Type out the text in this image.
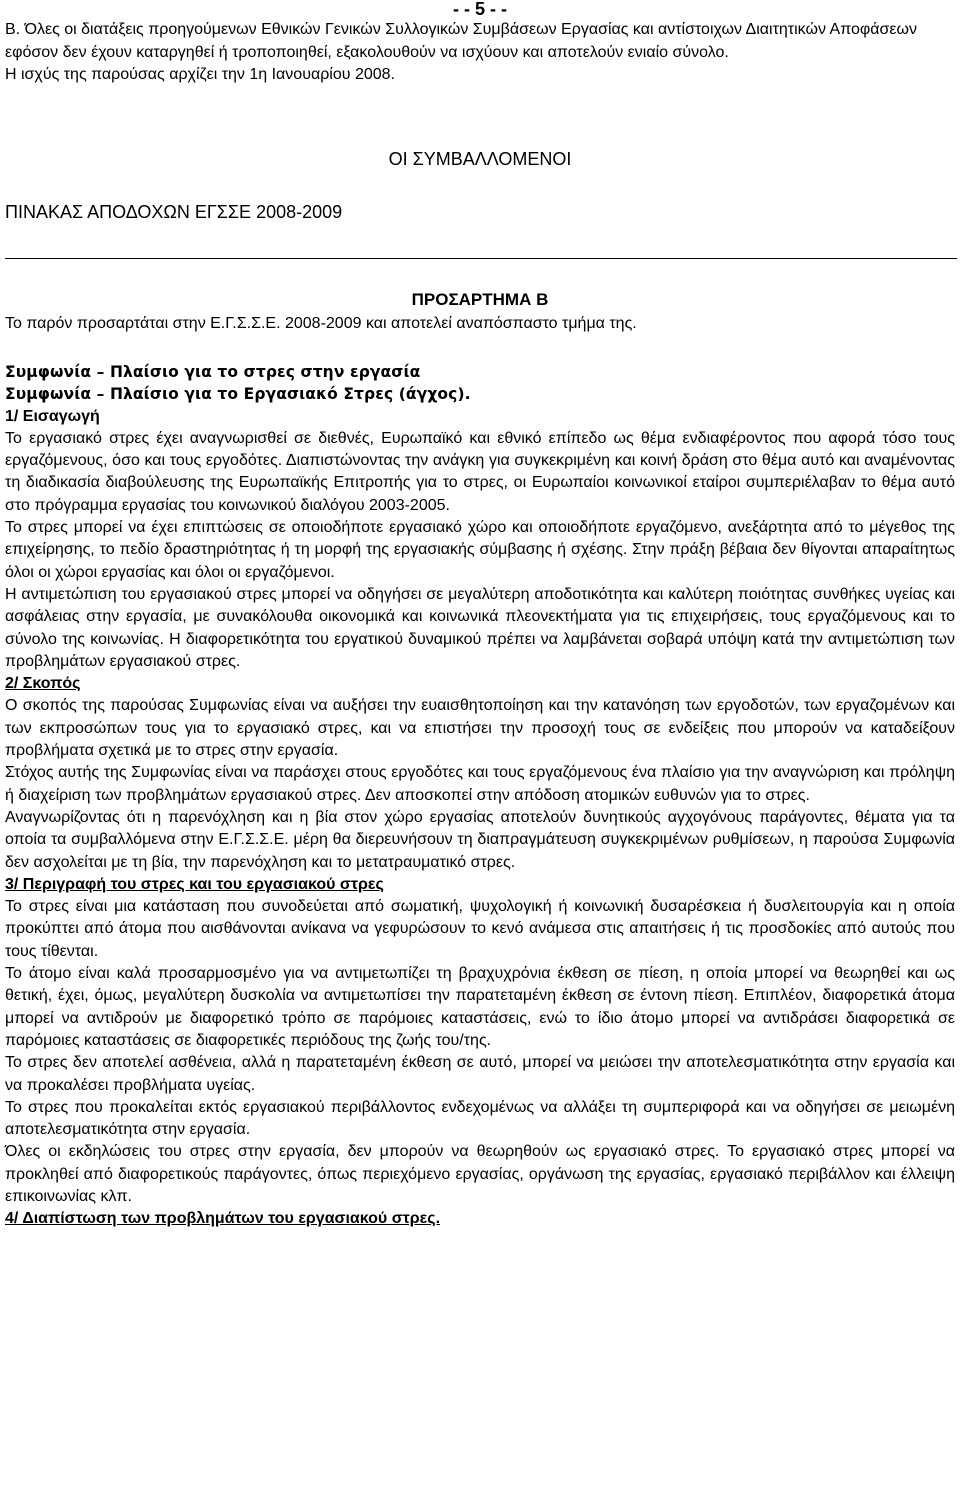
- - 5 - -

Β. Όλες οι διατάξεις προηγούμενων Εθνικών Γενικών Συλλογικών Συμβάσεων Εργασίας και αντίστοιχων Διαιτητικών Αποφάσεων εφόσον δεν έχουν καταργηθεί ή τροποποιηθεί, εξακολουθούν να ισχύουν και αποτελούν ενιαίο σύνολο.

Η ισχύς της παρούσας αρχίζει την 1η Ιανουαρίου 2008.

ΟΙ ΣΥΜΒΑΛΛΟΜΕΝΟΙ
ΠΙΝΑΚΑΣ ΑΠΟΔΟΧΩΝ ΕΓΣΣΕ 2008-2009
ΠΡΟΣΑΡΤΗΜΑ Β
Το παρόν προσαρτάται στην Ε.Γ.Σ.Σ.Ε. 2008-2009 και αποτελεί αναπόσπαστο τμήμα της.

Συμφωνία – Πλαίσιο για το στρες στην εργασία

Συμφωνία – Πλαίσιο για το Εργασιακό Στρες (άγχος).

1/ Εισαγωγή

Το εργασιακό στρες έχει αναγνωρισθεί σε διεθνές, Ευρωπαϊκό και εθνικό επίπεδο ως θέμα ενδιαφέροντος που αφορά τόσο τους εργαζόμενους, όσο και τους εργοδότες. Διαπιστώνοντας την ανάγκη για συγκεκριμένη και κοινή δράση στο θέμα αυτό και αναμένοντας τη διαδικασία διαβούλευσης της Ευρωπαϊκής Επιτροπής για το στρες, οι Ευρωπαίοι κοινωνικοί εταίροι συμπεριέλαβαν το θέμα αυτό στο πρόγραμμα εργασίας του κοινωνικού διαλόγου 2003-2005.

Το στρες μπορεί να έχει επιπτώσεις σε οποιοδήποτε εργασιακό χώρο και οποιοδήποτε εργαζόμενο, ανεξάρτητα από το μέγεθος της επιχείρησης, το πεδίο δραστηριότητας ή τη μορφή της εργασιακής σύμβασης ή σχέσης. Στην πράξη βέβαια δεν θίγονται απαραίτητως όλοι οι χώροι εργασίας και όλοι οι εργαζόμενοι.

Η αντιμετώπιση του εργασιακού στρες μπορεί να οδηγήσει σε μεγαλύτερη αποδοτικότητα και καλύτερη ποιότητας συνθήκες υγείας και ασφάλειας στην εργασία, με συνακόλουθα οικονομικά και κοινωνικά πλεονεκτήματα για τις επιχειρήσεις, τους εργαζόμενους και το σύνολο της κοινωνίας. Η διαφορετικότητα του εργατικού δυναμικού πρέπει να λαμβάνεται σοβαρά υπόψη κατά την αντιμετώπιση των προβλημάτων εργασιακού στρες.

2/ Σκοπός

Ο σκοπός της παρούσας Συμφωνίας είναι να αυξήσει την ευαισθητοποίηση και την κατανόηση των εργοδοτών, των εργαζομένων και των εκπροσώπων τους για το εργασιακό στρες, και να επιστήσει την προσοχή τους σε ενδείξεις που μπορούν να καταδείξουν προβλήματα σχετικά με το στρες στην εργασία.

Στόχος αυτής της Συμφωνίας είναι να παράσχει στους εργοδότες και τους εργαζόμενους ένα πλαίσιο για την αναγνώριση και πρόληψη ή διαχείριση των προβλημάτων εργασιακού στρες. Δεν αποσκοπεί στην απόδοση ατομικών ευθυνών για το στρες.

Αναγνωρίζοντας ότι η παρενόχληση και η βία στον χώρο εργασίας αποτελούν δυνητικούς αγχογόνους παράγοντες, θέματα για τα οποία τα συμβαλλόμενα στην Ε.Γ.Σ.Σ.Ε. μέρη θα διερευνήσουν τη διαπραγμάτευση συγκεκριμένων ρυθμίσεων, η παρούσα Συμφωνία δεν ασχολείται με τη βία, την παρενόχληση και το μετατραυματικό στρες.

3/ Περιγραφή του στρες και του εργασιακού στρες

Το στρες είναι μια κατάσταση που συνοδεύεται από σωματική, ψυχολογική ή κοινωνική δυσαρέσκεια ή δυσλειτουργία και η οποία προκύπτει από άτομα που αισθάνονται ανίκανα να γεφυρώσουν το κενό ανάμεσα στις απαιτήσεις ή τις προσδοκίες από αυτούς που τους τίθενται.

Το άτομο είναι καλά προσαρμοσμένο για να αντιμετωπίζει τη βραχυχρόνια έκθεση σε πίεση, η οποία μπορεί να θεωρηθεί και ως θετική, έχει, όμως, μεγαλύτερη δυσκολία να αντιμετωπίσει την παρατεταμένη έκθεση σε έντονη πίεση. Επιπλέον, διαφορετικά άτομα μπορεί να αντιδρούν με διαφορετικό τρόπο σε παρόμοιες καταστάσεις, ενώ το ίδιο άτομο μπορεί να αντιδράσει διαφορετικά σε παρόμοιες καταστάσεις σε διαφορετικές περιόδους της ζωής του/της.

Το στρες δεν αποτελεί ασθένεια, αλλά η παρατεταμένη έκθεση σε αυτό, μπορεί να μειώσει την αποτελεσματικότητα στην εργασία και να προκαλέσει προβλήματα υγείας.

Το στρες που προκαλείται εκτός εργασιακού περιβάλλοντος ενδεχομένως να αλλάξει τη συμπεριφορά και να οδηγήσει σε μειωμένη αποτελεσματικότητα στην εργασία.

Όλες οι εκδηλώσεις του στρες στην εργασία, δεν μπορούν να θεωρηθούν ως εργασιακό στρες. Το εργασιακό στρες μπορεί να προκληθεί από διαφορετικούς παράγοντες, όπως περιεχόμενο εργασίας, οργάνωση της εργασίας, εργασιακό περιβάλλον και έλλειψη επικοινωνίας κλπ.

4/ Διαπίστωση των προβλημάτων του εργασιακού στρες.
